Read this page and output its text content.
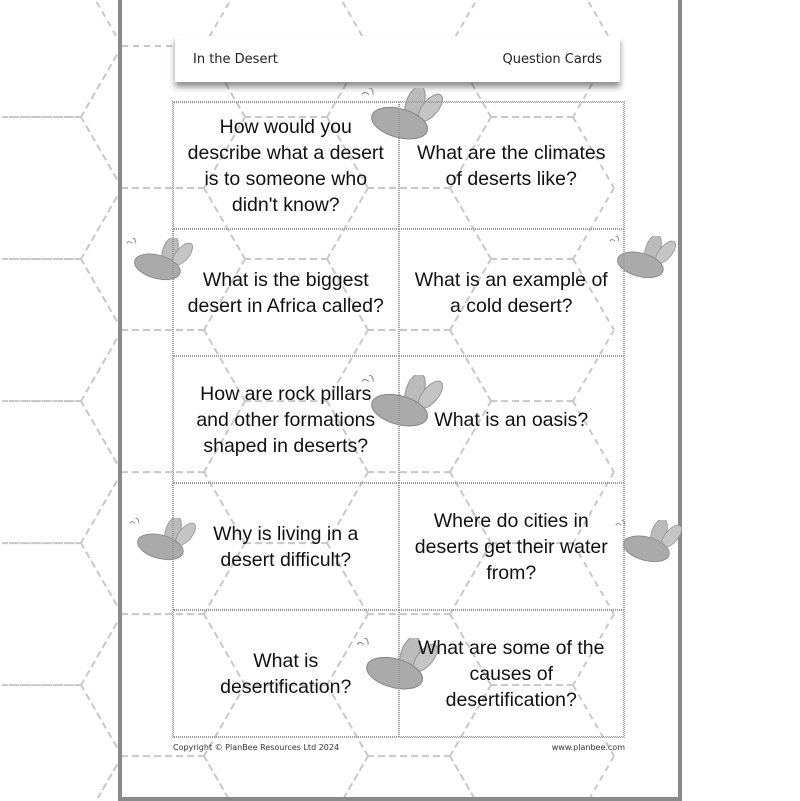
In the Desert	Question Cards
How would you describe what a desert is to someone who didn't know?
What are the climates of deserts like?
What is the biggest desert in Africa called?
What is an example of a cold desert?
How are rock pillars and other formations shaped in deserts?
What is an oasis?
Why is living in a desert difficult?
Where do cities in deserts get their water from?
What is desertification?
What are some of the causes of desertification?
Copyright © PlanBee Resources Ltd 2024	www.planbee.com
